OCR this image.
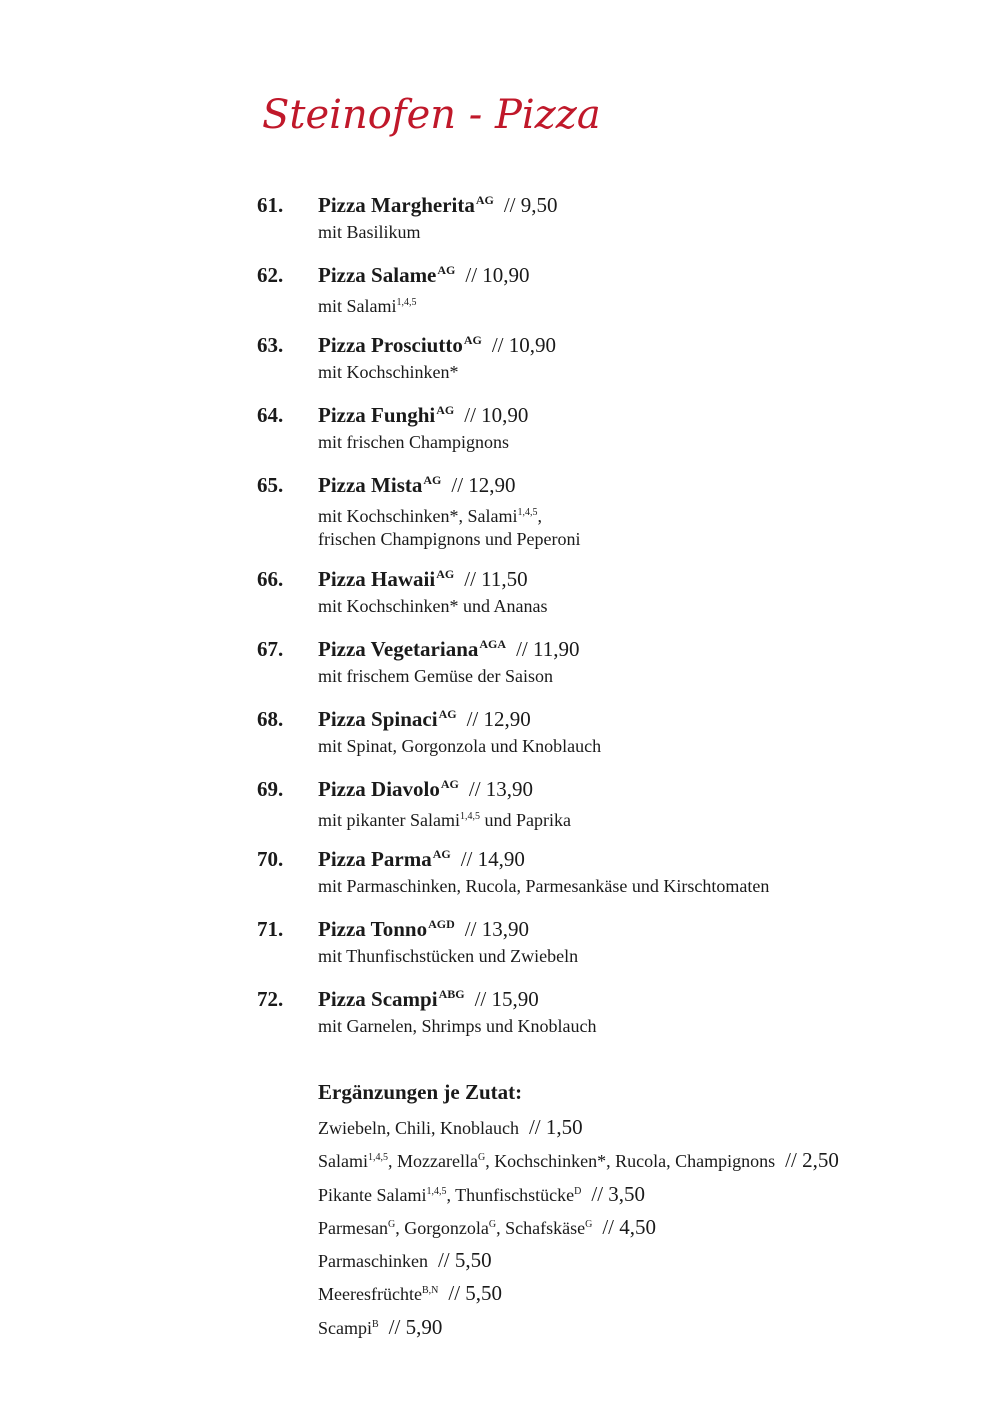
Steinofen - Pizza
61. Pizza Margherita$^{AG}$ // 9,50
mit Basilikum
62. Pizza Salame$^{AG}$ // 10,90
mit Salami$^{1,4,5}$
63. Pizza Prosciutto$^{AG}$ // 10,90
mit Kochschinken*
64. Pizza Funghi$^{AG}$ // 10,90
mit frischen Champignons
65. Pizza Mista$^{AG}$ // 12,90
mit Kochschinken*, Salami$^{1,4,5}$,
frischen Champignons und Peperoni
66. Pizza Hawaii$^{AG}$ // 11,50
mit Kochschinken* und Ananas
67. Pizza Vegetariana$^{AGA}$ // 11,90
mit frischem Gemüse der Saison
68. Pizza Spinaci$^{AG}$ // 12,90
mit Spinat, Gorgonzola und Knoblauch
69. Pizza Diavolo$^{AG}$ // 13,90
mit pikanter Salami$^{1,4,5}$ und Paprika
70. Pizza Parma$^{AG}$ // 14,90
mit Parmaschinken, Rucola, Parmesankäse und Kirschtomaten
71. Pizza Tonno$^{AGD}$ // 13,90
mit Thunfischstücken und Zwiebeln
72. Pizza Scampi$^{ABG}$ // 15,90
mit Garnelen, Shrimps und Knoblauch
Ergänzungen je Zutat:
Zwiebeln, Chili, Knoblauch // 1,50
Salami$^{1,4,5}$, Mozzarella$^G$, Kochschinken*, Rucola, Champignons // 2,50
Pikante Salami$^{1,4,5}$, Thunfischstücke$^D$ // 3,50
Parmesan$^G$, Gorgonzola$^G$, Schafskäse$^G$ // 4,50
Parmaschinken // 5,50
Meeresfrüchte$^{B,N}$ // 5,50
Scampi$^B$ // 5,90
